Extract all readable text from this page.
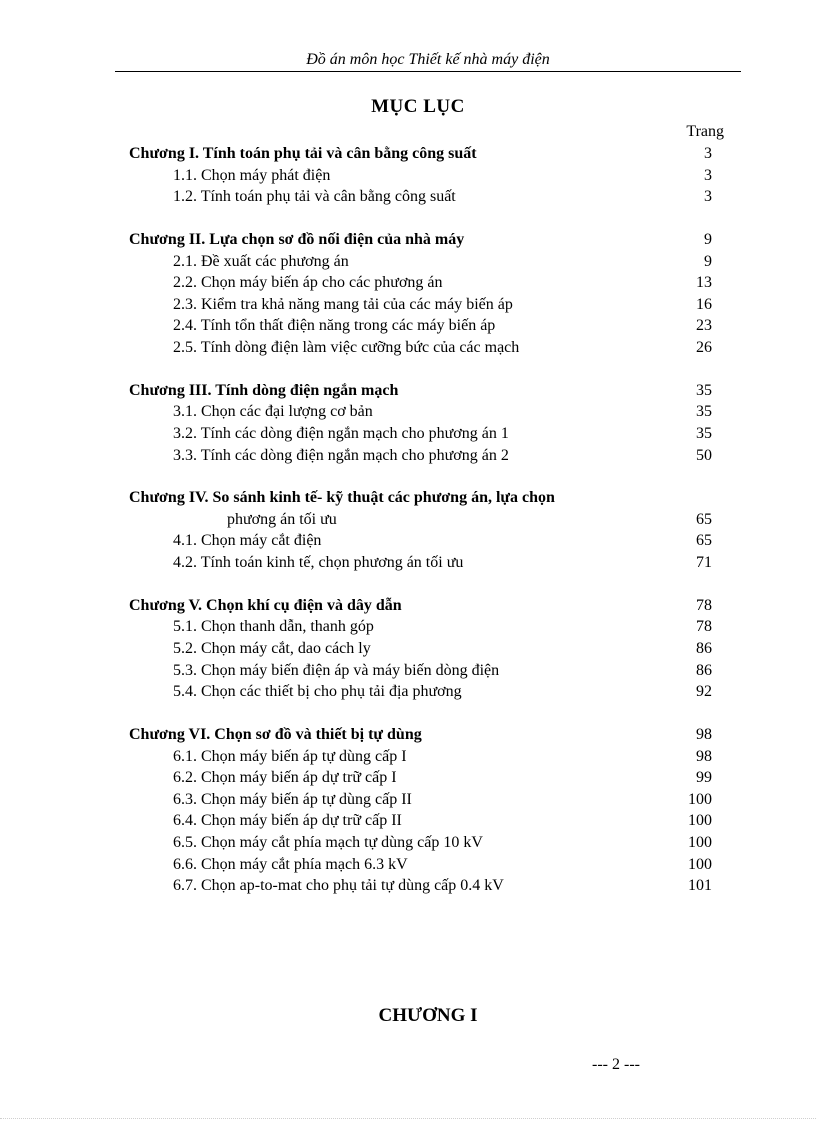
Đồ án môn học Thiết kế nhà máy điện
MỤC LỤC
Trang
Chương I. Tính toán phụ tải và cân bằng công suất	3
1.1. Chọn máy phát điện	3
1.2. Tính toán phụ tải và cân bằng công suất	3
Chương II. Lựa chọn sơ đồ nối điện của nhà máy	9
2.1. Đề xuất các phương án	9
2.2. Chọn máy biến áp cho các phương án	13
2.3. Kiểm tra khả năng mang tải của các máy biến áp	16
2.4. Tính tổn thất điện năng trong các máy biến áp	23
2.5. Tính dòng điện làm việc cưỡng bức của các mạch	26
Chương III. Tính dòng điện ngắn mạch	35
3.1. Chọn các đại lượng cơ bản	35
3.2. Tính các dòng điện ngắn mạch cho phương án 1	35
3.3. Tính các dòng điện ngắn mạch cho phương án 2	50
Chương IV. So sánh kinh tế- kỹ thuật các phương án, lựa chọn
phương án tối ưu	65
4.1. Chọn máy cắt điện	65
4.2. Tính toán kinh tế, chọn phương án tối ưu	71
Chương V. Chọn khí cụ điện và dây dẫn	78
5.1. Chọn thanh dẫn, thanh góp	78
5.2. Chọn máy cắt, dao cách ly	86
5.3. Chọn máy biến điện áp và máy biến dòng điện	86
5.4. Chọn các thiết bị cho phụ tải địa phương	92
Chương VI. Chọn sơ đồ và thiết bị tự dùng	98
6.1. Chọn máy biến áp tự dùng cấp I	98
6.2. Chọn máy biến áp dự trữ cấp I	99
6.3. Chọn máy biến áp tự dùng cấp II	100
6.4. Chọn máy biến áp dự trữ cấp II	100
6.5. Chọn máy cắt phía mạch tự dùng cấp 10 kV	100
6.6. Chọn máy cắt phía mạch 6.3 kV	100
6.7. Chọn ap-to-mat cho phụ tải tự dùng cấp 0.4 kV	101
CHƯƠNG I
--- 2 ---
